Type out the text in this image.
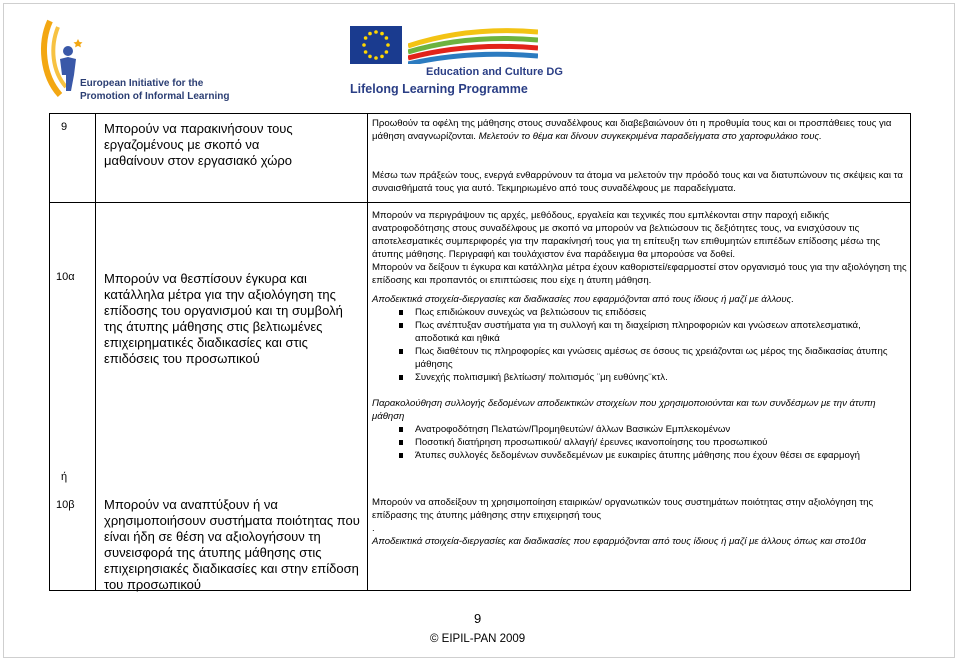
European Initiative for the
Promotion of Informal Learning
Education and Culture DG
Lifelong Learning Programme
9	Μπορούν να παρακινήσουν τους εργαζομένους με σκοπό να μαθαίνουν στον εργασιακό χώρο
Προωθούν τα οφέλη της μάθησης στους συναδέλφους και διαβεβαιώνουν ότι η προθυμία τους και οι προσπάθειες τους για μάθηση αναγνωρίζονται. Μελετούν το θέμα και δίνουν συγκεκριμένα παραδείγματα στο χαρτοφυλάκιο τους.
Μέσω των πράξεών τους, ενεργά ενθαρρύνουν τα άτομα να μελετούν την πρόοδό τους και να διατυπώνουν τις σκέψεις και τα συναισθήματά τους για αυτό. Τεκμηριωμένο από τους συναδέλφους με παραδείγματα.
10α Μπορούν να θεσπίσουν έγκυρα και κατάλληλα μέτρα για την αξιολόγηση της επίδοσης του οργανισμού και τη συμβολή της άτυπης μάθησης στις βελτιωμένες επιχειρηματικές διαδικασίες και στις επιδόσεις του προσωπικού
Μπορούν να περιγράψουν τις αρχές, μεθόδους, εργαλεία και τεχνικές που εμπλέκονται στην παροχή ειδικής ανατροφοδότησης στους συναδέλφους με σκοπό να μπορούν να βελτιώσουν τις δεξιότητες τους, να ενισχύσουν τις αποτελεσματικές συμπεριφορές για την παρακίνησή τους για τη επίτευξη των επιθυμητών επιπέδων επίδοσης μέσω της άτυπης μάθησης. Περιγραφή και τουλάχιστον ένα παράδειγμα θα μπορούσε να δοθεί.
Μπορούν να δείξουν τι έγκυρα και κατάλληλα μέτρα έχουν καθοριστεί/εφαρμοστεί στον οργανισμό τους για την αξιολόγηση της επίδοσης και προπαντός οι επιπτώσεις που είχε η άτυπη μάθηση.
Αποδεικτικά στοιχεία-διεργασίες και διαδικασίες που εφαρμόζονται από τους ίδιους ή μαζί με άλλους.
Πως επιδιώκουν συνεχώς να βελτιώσουν τις επιδόσεις
Πως ανέπτυξαν συστήματα για τη συλλογή και τη διαχείριση πληροφοριών και γνώσεων αποτελεσματικά, αποδοτικά και ηθικά
Πως διαθέτουν τις πληροφορίες και γνώσεις αμέσως σε όσους τις χρειάζονται ως μέρος της διαδικασίας άτυπης μάθησης
Συνεχής πολιτισμική βελτίωση/ πολιτισμός ¨μη ευθύνης¨κτλ.
Παρακολούθηση συλλογής δεδομένων αποδεικτικών στοιχείων που χρησιμοποιούνται και των συνδέσμων με την άτυπη μάθηση
Ανατροφοδότηση Πελατών/Προμηθευτών/ άλλων Βασικών Εμπλεκομένων
Ποσοτική διατήρηση προσωπικού/ αλλαγή/ έρευνες ικανοποίησης του προσωπικού
Άτυπες συλλογές δεδομένων συνδεδεμένων με ευκαιρίες άτυπης μάθησης που έχουν θέσει σε εφαρμογή
ή
10β Μπορούν να αναπτύξουν ή να χρησιμοποιήσουν συστήματα ποιότητας που είναι ήδη σε θέση να αξιολογήσουν τη συνεισφορά της άτυπης μάθησης στις επιχειρησιακές διαδικασίες και στην επίδοση του προσωπικού
Μπορούν να αποδείξουν τη χρησιμοποίηση εταιρικών/ οργανωτικών τους συστημάτων ποιότητας στην αξιολόγηση της επίδρασης της άτυπης μάθησης στην επιχειρησή τους
.
Αποδεικτικά στοιχεία-διεργασίες και διαδικασίες που εφαρμόζονται από τους ίδιους ή μαζί με άλλους όπως και στο10α
9
© EIPIL-PAN 2009
